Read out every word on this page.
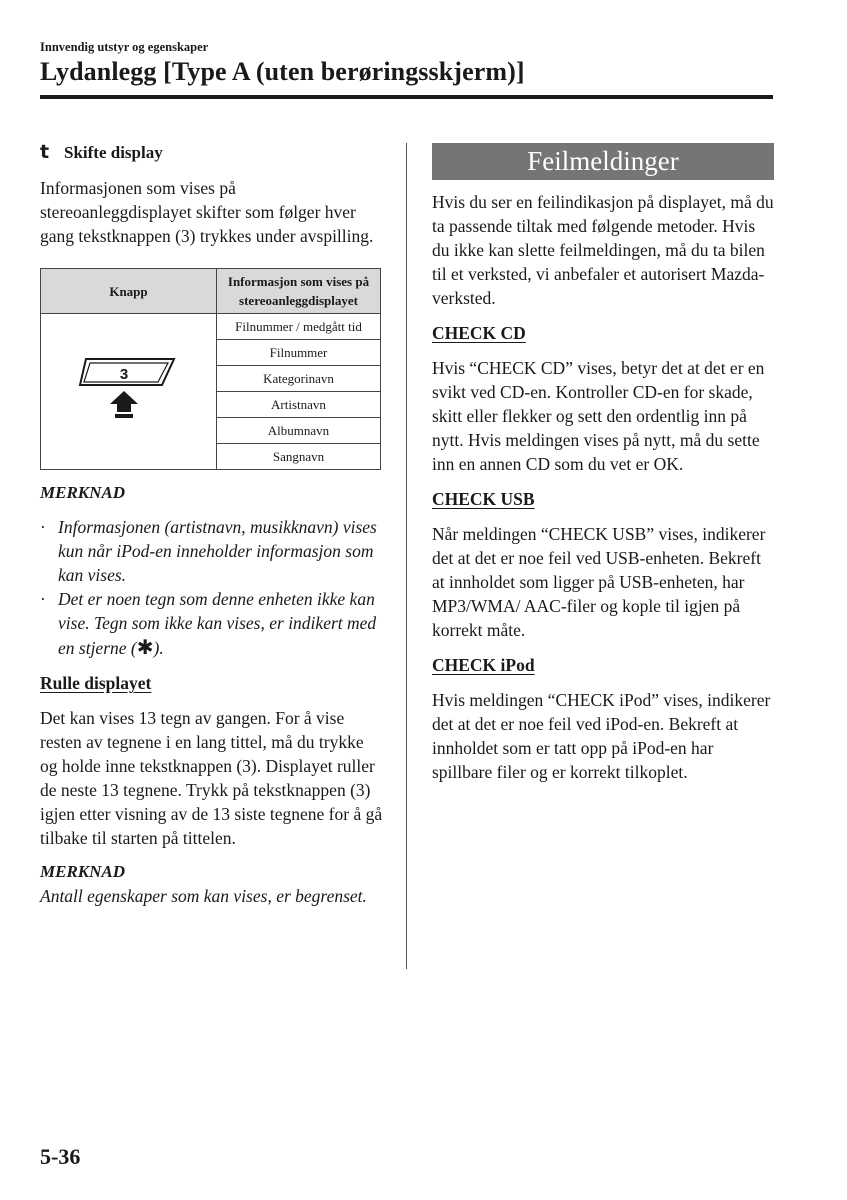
Innvendig utstyr og egenskaper
Lydanlegg [Type A (uten berøringsskjerm)]
t Skifte display

Informasjonen som vises på stereoanleggdisplayet skifter som følger hver gang tekstknappen (3) trykkes under avspilling.

Knapp	Informasjon som vises på stereoanleggdisplayet

3	Filnummer / medgått tid
	Filnummer
	Kategorinavn
	Artistnavn
	Albumnavn
	Sangnavn

MERKNAD

· Informasjonen (artistnavn, musikknavn) vises kun når iPod-en inneholder informasjon som kan vises.
· Det er noen tegn som denne enheten ikke kan vise. Tegn som ikke kan vises, er indikert med en stjerne (✱).

Rulle displayet

Det kan vises 13 tegn av gangen. For å vise resten av tegnene i en lang tittel, må du trykke og holde inne tekstknappen (3). Displayet ruller de neste 13 tegnene. Trykk på tekstknappen (3) igjen etter visning av de 13 siste tegnene for å gå tilbake til starten på tittelen.

MERKNAD

Antall egenskaper som kan vises, er begrenset.

Feilmeldinger

Hvis du ser en feilindikasjon på displayet, må du ta passende tiltak med følgende metoder. Hvis du ikke kan slette feilmeldingen, må du ta bilen til et verksted, vi anbefaler et autorisert Mazda-verksted.

CHECK CD

Hvis “CHECK CD” vises, betyr det at det er en svikt ved CD-en. Kontroller CD-en for skade, skitt eller flekker og sett den ordentlig inn på nytt. Hvis meldingen vises på nytt, må du sette inn en annen CD som du vet er OK.

CHECK USB

Når meldingen “CHECK USB” vises, indikerer det at det er noe feil ved USB-enheten. Bekreft at innholdet som ligger på USB-enheten, har MP3/WMA/ AAC-filer og kople til igjen på korrekt måte.

CHECK iPod

Hvis meldingen “CHECK iPod” vises, indikerer det at det er noe feil ved iPod-en. Bekreft at innholdet som er tatt opp på iPod-en har spillbare filer og er korrekt tilkoplet.

5-36
